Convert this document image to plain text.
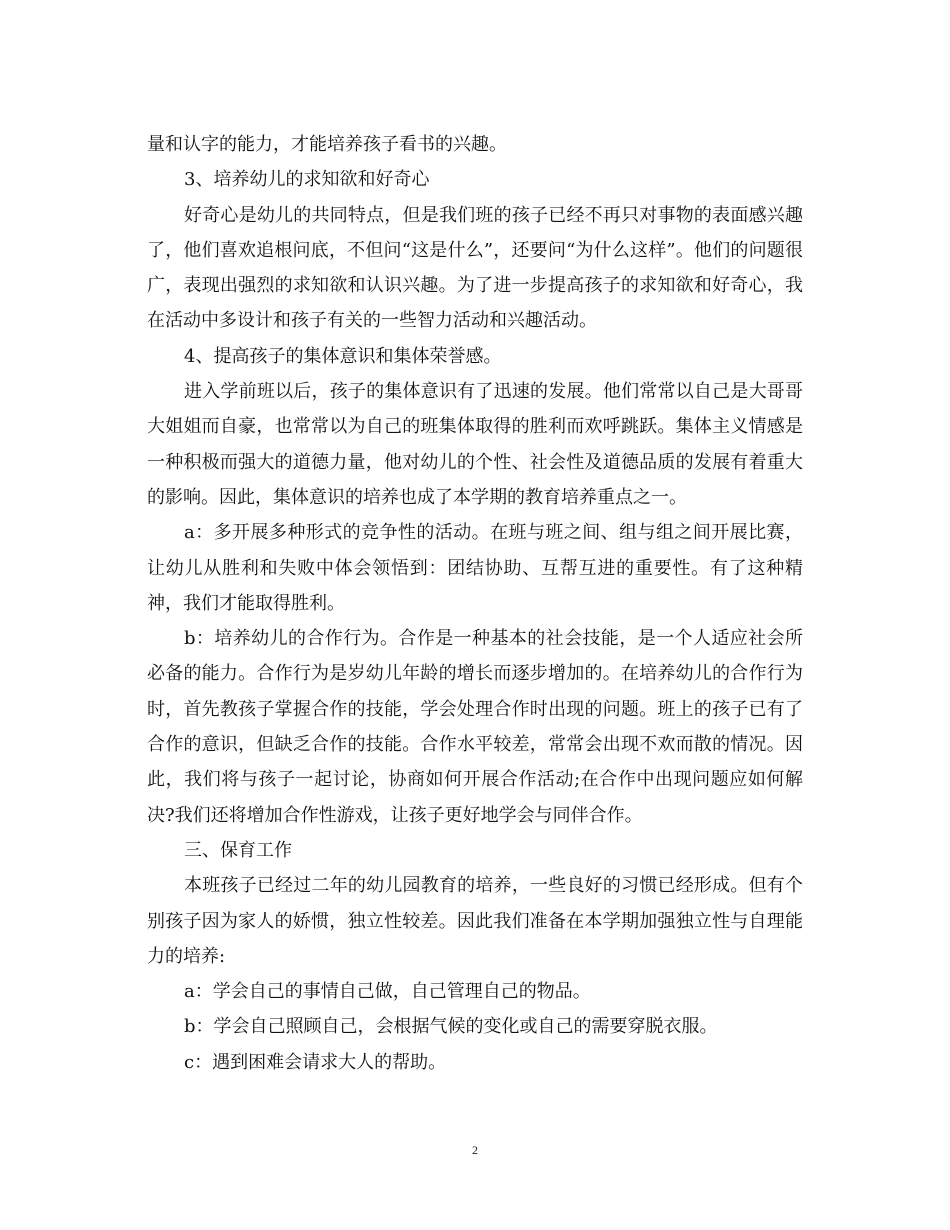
量和认字的能力，才能培养孩子看书的兴趣。

3、培养幼儿的求知欲和好奇心

好奇心是幼儿的共同特点，但是我们班的孩子已经不再只对事物的表面感兴趣了，他们喜欢追根问底，不但问“这是什么”，还要问“为什么这样”。他们的问题很广，表现出强烈的求知欲和认识兴趣。为了进一步提高孩子的求知欲和好奇心，我在活动中多设计和孩子有关的一些智力活动和兴趣活动。

4、提高孩子的集体意识和集体荣誉感。

进入学前班以后，孩子的集体意识有了迅速的发展。他们常常以自己是大哥哥大姐姐而自豪，也常常以为自己的班集体取得的胜利而欢呼跳跃。集体主义情感是一种积极而强大的道德力量，他对幼儿的个性、社会性及道德品质的发展有着重大的影响。因此，集体意识的培养也成了本学期的教育培养重点之一。

a：多开展多种形式的竞争性的活动。在班与班之间、组与组之间开展比赛，让幼儿从胜利和失败中体会领悟到：团结协助、互帮互进的重要性。有了这种精神，我们才能取得胜利。

b：培养幼儿的合作行为。合作是一种基本的社会技能，是一个人适应社会所必备的能力。合作行为是岁幼儿年龄的增长而逐步增加的。在培养幼儿的合作行为时，首先教孩子掌握合作的技能，学会处理合作时出现的问题。班上的孩子已有了合作的意识，但缺乏合作的技能。合作水平较差，常常会出现不欢而散的情况。因此，我们将与孩子一起讨论，协商如何开展合作活动;在合作中出现问题应如何解决?我们还将增加合作性游戏，让孩子更好地学会与同伴合作。

三、保育工作

本班孩子已经过二年的幼儿园教育的培养，一些良好的习惯已经形成。但有个别孩子因为家人的娇惯，独立性较差。因此我们准备在本学期加强独立性与自理能力的培养:

a：学会自己的事情自己做，自己管理自己的物品。

b：学会自己照顾自己，会根据气候的变化或自己的需要穿脱衣服。

c：遇到困难会请求大人的帮助。

2
